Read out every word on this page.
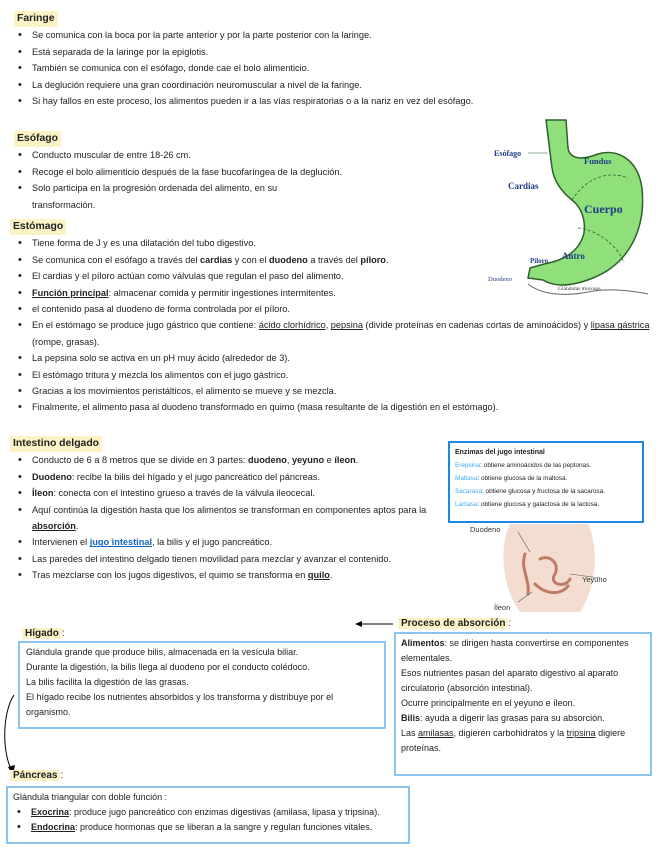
Faringe
• Se comunica con la boca por la parte anterior y por la parte posterior con la laringe.
• Está separada de la laringe por la epiglotis.
• También se comunica con el esófago, donde cae el bolo alimenticio.
• La deglución requiere una gran coordinación neuromuscular a nivel de la faringe.
• Si hay fallos en este proceso, los alimentos pueden ir a las vías respiratorias o a la nariz en vez del esófago.
Esófago
• Conducto muscular de entre 18-26 cm.
• Recoge el bolo alimenticio después de la fase bucofaríngea de la deglución.
• Solo participa en la progresión ordenada del alimento, en su transformación.
Esófago
Fundus
Cardias
Cuerpo
Píloro Antro
Duodeno
Glándulas mucosas
Estómago
• Tiene forma de J y es una dilatación del tubo digestivo.
• Se comunica con el esófago a través del cardias y con el duodeno a través del píloro.
• El cardias y el píloro actúan como válvulas que regulan el paso del alimento.
• Función principal: almacenar comida y permitir ingestiones intermitentes.
• el contenido pasa al duodeno de forma controlada por el píloro.
• En el estómago se produce jugo gástrico que contiene: ácido clorhídrico, pepsina (divide proteínas en cadenas cortas de aminoácidos) y lipasa gástrica (rompe, grasas).
• La pepsina solo se activa en un pH muy ácido (alrededor de 3).
• El estómago tritura y mezcla los alimentos con el jugo gástrico.
• Gracias a los movimientos peristálticos, el alimento se mueve y se mezcla.
• Finalmente, el alimento pasa al duodeno transformado en quimo (masa resultante de la digestión en el estómago).
Intestino delgado
• Conducto de 6 a 8 metros que se divide en 3 partes: duodeno, yeyuno e íleon.
• Duodeno: recibe la bilis del hígado y el jugo pancreático del páncreas.
• Íleon: conecta con el intestino grueso a través de la válvula ileocecal.
• Aquí continúa la digestión hasta que los alimentos se transforman en componentes aptos para la absorción.
• Intervienen el jugo intestinal, la bilis y el jugo pancreático.
• Las paredes del intestino delgado tienen movilidad para mezclar y avanzar el contenido.
• Tras mezclarse con los jugos digestivos, el quimo se transforma en quilo.
Enzimas del jugo intestinal
Erepsina: obtiene aminoácidos de las peptonas.
Maltasa: obtiene glucosa de la maltosa.
Sacarasa: obtiene glucosa y fructosa de la sacarosa.
Lactasa: obtiene glucosa y galactosa de la lactosa.
Duodeno
Yeyuno
Íleon
Hígado :
Glándula grande que produce bilis, almacenada en la vesícula biliar.
Durante la digestión, la bilis llega al duodeno por el conducto colédoco.
La bilis facilita la digestión de las grasas.
El hígado recibe los nutrientes absorbidos y los transforma y distribuye por el organismo.
Proceso de absorción :
Alimentos: se dirigen hasta convertirse en componentes elementales.
Esos nutrientes pasan del aparato digestivo al aparato circulatorio (absorción intestinal).
Ocurre principalmente en el yeyuno e íleon.
Bilis: ayuda a digerir las grasas para su absorción.
Las amilasas, digieren carbohidratos y la tripsina digiere proteínas.
Páncreas :
Glándula triangular con doble función :
• Exocrina: produce jugo pancreático con enzimas digestivas (amilasa, lipasa y tripsina).
• Endocrina: produce hormonas que se liberan a la sangre y regulan funciones vitales.
